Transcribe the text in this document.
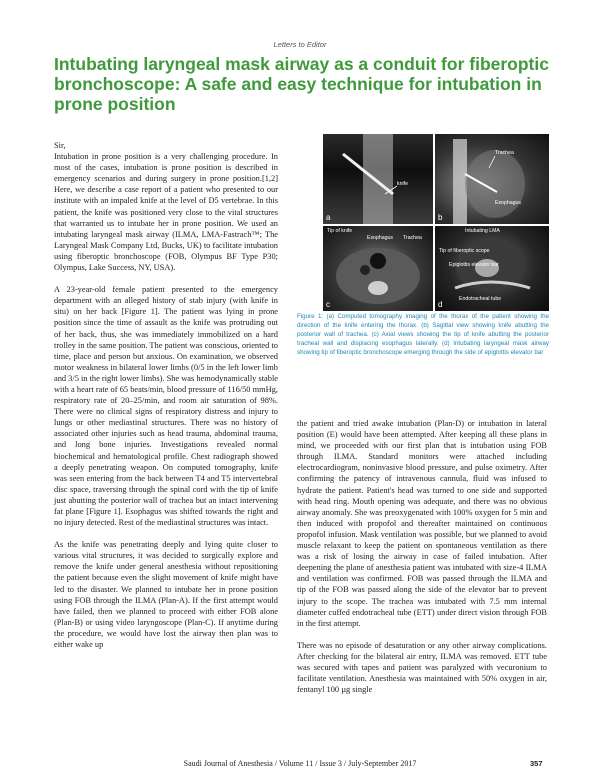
Letters to Editor
Intubating laryngeal mask airway as a conduit for fiberoptic bronchoscope: A safe and easy technique for intubation in prone position

Sir,

Intubation in prone position is a very challenging procedure. In most of the cases, intubation is prone position is described in emergency scenarios and during surgery in prone position.[1,2] Here, we describe a case report of a patient who presented to our institute with an impaled knife at the level of D5 vertebrae. In this patient, the knife was positioned very close to the vital structures that warranted us to intubate her in prone position. We used an intubating laryngeal mask airway (ILMA, LMA-Fastrach™; The Laryngeal Mask Company Ltd, Bucks, UK) to facilitate intubation using fiberoptic bronchoscope (FOB, Olympus BF Type P30; Olympus, Lake Success, NY, USA).

A 23-year-old female patient presented to the emergency department with an alleged history of stab injury (with knife in situ) on her back [Figure 1]. The patient was lying in prone position since the time of assault as the knife was protruding out of her back, thus, she was immediately immobilized on a hard trolley in the same position. The patient was conscious, oriented to time, place and person but anxious. On examination, we observed motor weakness in bilateral lower limbs (0/5 in the left lower limb and 3/5 in the right lower limbs). She was hemodynamically stable with a heart rate of 65 beats/min, blood pressure of 116/50 mmHg, respiratory rate of 20–25/min, and room air saturation of 98%. There were no clinical signs of respiratory distress and injury to lungs or other mediastinal structures. There was no history of associated other injuries such as head trauma, abdominal trauma, and long bone injuries. Investigations revealed normal biochemical and hematological profile. Chest radiograph showed a deeply penetrating weapon. On computed tomography, knife was seen entering from the back between T4 and T5 intervertebral disc space, traversing through the spinal cord with the tip of knife just abutting the posterior wall of trachea but an intact intervening fat plane [Figure 1]. Esophagus was shifted towards the right and no injury detected. Rest of the mediastinal structures was intact.

As the knife was penetrating deeply and lying quite closer to various vital structures, it was decided to surgically explore and remove the knife under general anesthesia without repositioning the patient because even the slight movement of knife might have led to the disaster. We planned to intubate her in prone position using FOB through the ILMA (Plan-A). If the first attempt would have failed, then we planned to proceed with either FOB alone (Plan-B) or using video laryngoscope (Plan-C). If anytime during the procedure, we would have lost the airway then plan was to either wake up

knife
a
Trachea
Esophagus
b
Tip of knife
Esophagus Trachea
c
Intubating LMA
Tip of fiberoptic scope
Epiglottis elevator bar
Endotracheal tube
d

Figure 1: (a) Computed tomography imaging of the thorax of the patient showing the direction of the knife entering the thorax. (b) Sagittal view showing knife abutting the posterior wall of trachea. (c) Axial views showing the tip of knife abutting the posterior tracheal wall and displacing esophagus laterally. (d) Intubating laryngeal mask airway showing tip of fiberoptic bronchoscope emerging through the side of epiglottis elevator bar

the patient and tried awake intubation (Plan-D) or intubation in lateral position (E) would have been attempted. After keeping all these plans in mind, we proceeded with our first plan that is intubation using FOB through ILMA. Standard monitors were attached including electrocardiogram, noninvasive blood pressure, and pulse oximetry. After confirming the patency of intravenous cannula, fluid was infused to hydrate the patient. Patient's head was turned to one side and supported with head ring. Mouth opening was adequate, and there was no obvious airway anomaly. She was preoxygenated with 100% oxygen for 5 min and then induced with propofol and thereafter maintained on continuous propofol infusion. Mask ventilation was possible, but we planned to avoid muscle relaxant to keep the patient on spontaneous ventilation as there was a risk of losing the airway in case of failed intubation. After deepening the plane of anesthesia patient was intubated with size-4 ILMA and ventilation was confirmed. FOB was passed through the ILMA and tip of the FOB was passed along the side of the elevator bar to prevent injury to the scope. The trachea was intubated with 7.5 mm internal diameter cuffed endotracheal tube (ETT) under direct vision through FOB in the first attempt.

There was no episode of desaturation or any other airway complications. After checking for the bilateral air entry, ILMA was removed. ETT tube was secured with tapes and patient was paralyzed with vecuronium to facilitate ventilation. Anesthesia was maintained with 50% oxygen in air, fentanyl 100 µg single

Saudi Journal of Anesthesia / Volume 11 / Issue 3 / July-September 2017	357
